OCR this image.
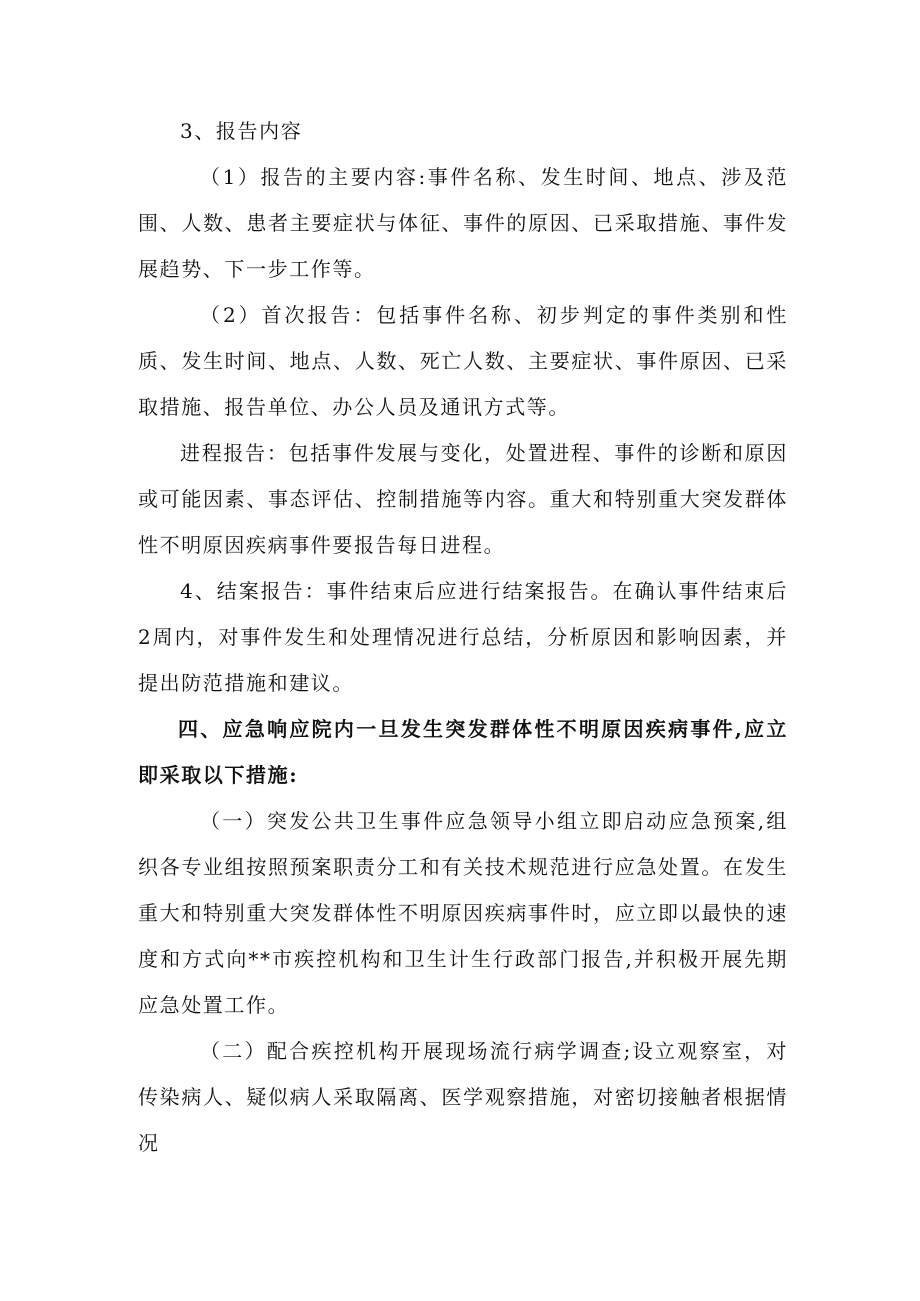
3、报告内容

（1）报告的主要内容:事件名称、发生时间、地点、涉及范围、人数、患者主要症状与体征、事件的原因、已采取措施、事件发展趋势、下一步工作等。

（2）首次报告：包括事件名称、初步判定的事件类别和性质、发生时间、地点、人数、死亡人数、主要症状、事件原因、已采取措施、报告单位、办公人员及通讯方式等。

进程报告：包括事件发展与变化，处置进程、事件的诊断和原因或可能因素、事态评估、控制措施等内容。重大和特别重大突发群体性不明原因疾病事件要报告每日进程。

4、结案报告：事件结束后应进行结案报告。在确认事件结束后2周内，对事件发生和处理情况进行总结，分析原因和影响因素，并提出防范措施和建议。

四、应急响应院内一旦发生突发群体性不明原因疾病事件,应立即采取以下措施:

（一）突发公共卫生事件应急领导小组立即启动应急预案,组织各专业组按照预案职责分工和有关技术规范进行应急处置。在发生重大和特别重大突发群体性不明原因疾病事件时，应立即以最快的速度和方式向**市疾控机构和卫生计生行政部门报告,并积极开展先期应急处置工作。

（二）配合疾控机构开展现场流行病学调查;设立观察室，对传染病人、疑似病人采取隔离、医学观察措施，对密切接触者根据情况
